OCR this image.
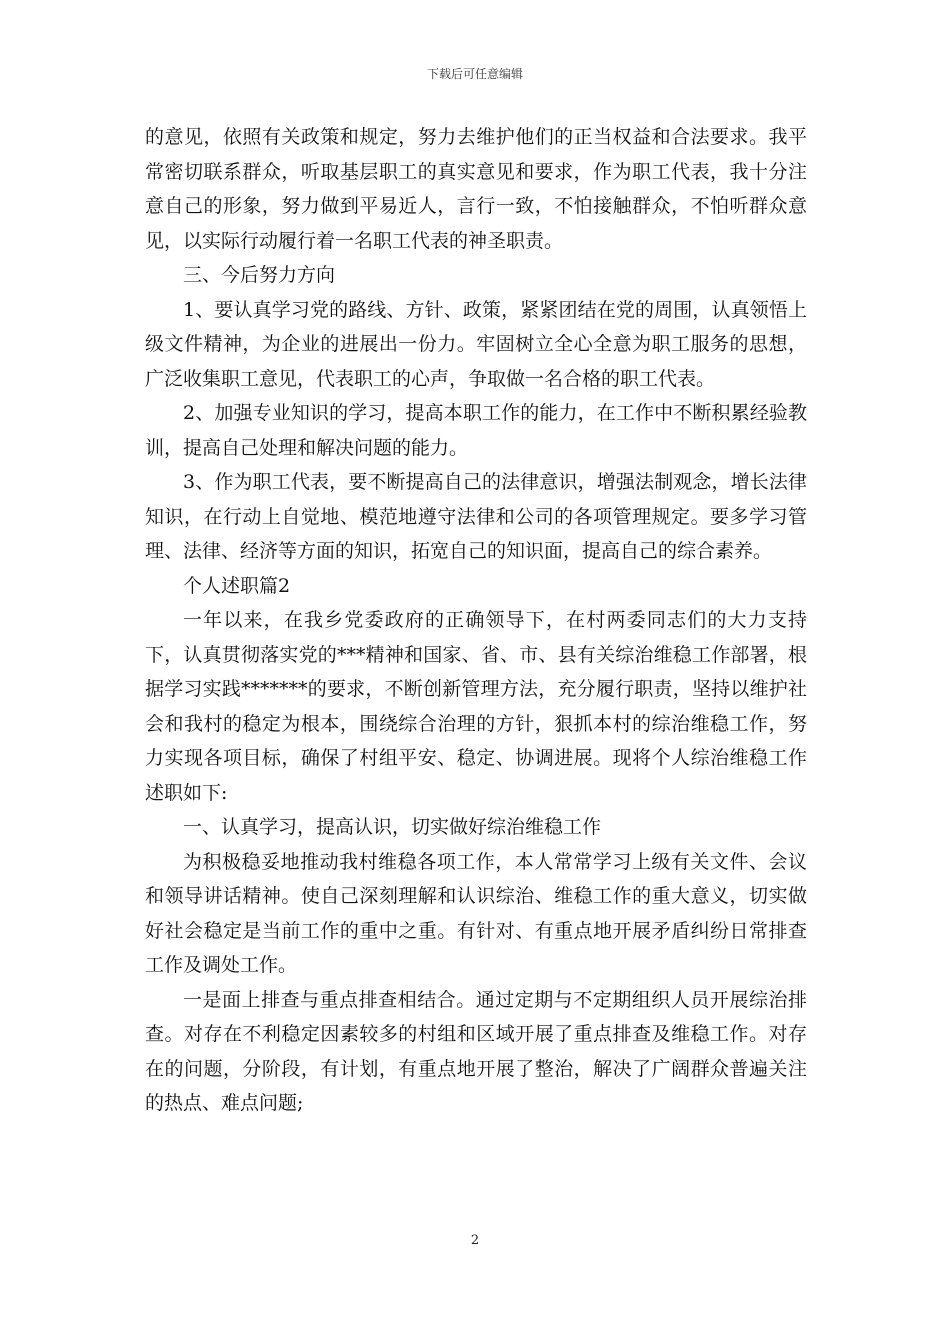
下载后可任意编辑

的意见，依照有关政策和规定，努力去维护他们的正当权益和合法要求。我平常密切联系群众，听取基层职工的真实意见和要求，作为职工代表，我十分注意自己的形象，努力做到平易近人，言行一致，不怕接触群众，不怕听群众意见，以实际行动履行着一名职工代表的神圣职责。

三、今后努力方向

1、要认真学习党的路线、方针、政策，紧紧团结在党的周围，认真领悟上级文件精神，为企业的进展出一份力。牢固树立全心全意为职工服务的思想，广泛收集职工意见，代表职工的心声，争取做一名合格的职工代表。

2、加强专业知识的学习，提高本职工作的能力，在工作中不断积累经验教训，提高自己处理和解决问题的能力。

3、作为职工代表，要不断提高自己的法律意识，增强法制观念，增长法律知识，在行动上自觉地、模范地遵守法律和公司的各项管理规定。要多学习管理、法律、经济等方面的知识，拓宽自己的知识面，提高自己的综合素养。

个人述职篇2

一年以来，在我乡党委政府的正确领导下，在村两委同志们的大力支持下，认真贯彻落实党的***精神和国家、省、市、县有关综治维稳工作部署，根据学习实践*******的要求，不断创新管理方法，充分履行职责，坚持以维护社会和我村的稳定为根本，围绕综合治理的方针，狠抓本村的综治维稳工作，努力实现各项目标，确保了村组平安、稳定、协调进展。现将个人综治维稳工作述职如下:

一、认真学习，提高认识，切实做好综治维稳工作

为积极稳妥地推动我村维稳各项工作，本人常常学习上级有关文件、会议和领导讲话精神。使自己深刻理解和认识综治、维稳工作的重大意义，切实做好社会稳定是当前工作的重中之重。有针对、有重点地开展矛盾纠纷日常排查工作及调处工作。

一是面上排查与重点排查相结合。通过定期与不定期组织人员开展综治排查。对存在不利稳定因素较多的村组和区域开展了重点排查及维稳工作。对存在的问题，分阶段，有计划，有重点地开展了整治，解决了广阔群众普遍关注的热点、难点问题;

2
